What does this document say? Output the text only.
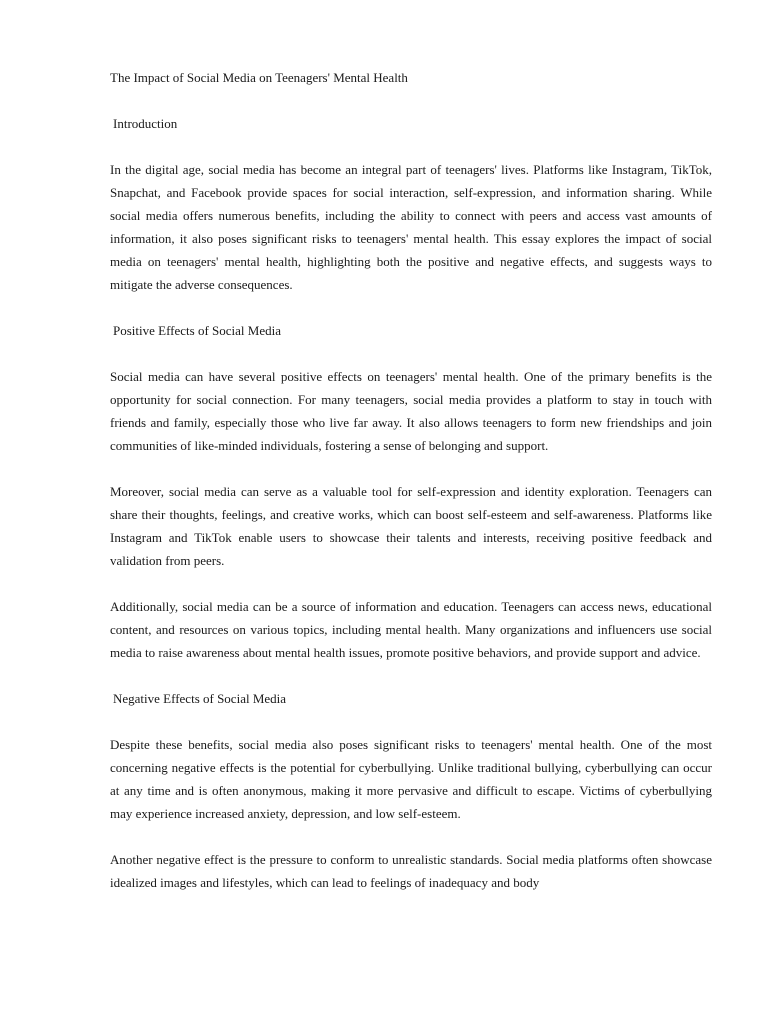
The Impact of Social Media on Teenagers' Mental Health
Introduction

In the digital age, social media has become an integral part of teenagers' lives. Platforms like Instagram, TikTok, Snapchat, and Facebook provide spaces for social interaction, self-expression, and information sharing. While social media offers numerous benefits, including the ability to connect with peers and access vast amounts of information, it also poses significant risks to teenagers' mental health. This essay explores the impact of social media on teenagers' mental health, highlighting both the positive and negative effects, and suggests ways to mitigate the adverse consequences.

Positive Effects of Social Media

Social media can have several positive effects on teenagers' mental health. One of the primary benefits is the opportunity for social connection. For many teenagers, social media provides a platform to stay in touch with friends and family, especially those who live far away. It also allows teenagers to form new friendships and join communities of like-minded individuals, fostering a sense of belonging and support.

Moreover, social media can serve as a valuable tool for self-expression and identity exploration. Teenagers can share their thoughts, feelings, and creative works, which can boost self-esteem and self-awareness. Platforms like Instagram and TikTok enable users to showcase their talents and interests, receiving positive feedback and validation from peers.

Additionally, social media can be a source of information and education. Teenagers can access news, educational content, and resources on various topics, including mental health. Many organizations and influencers use social media to raise awareness about mental health issues, promote positive behaviors, and provide support and advice.

Negative Effects of Social Media

Despite these benefits, social media also poses significant risks to teenagers' mental health. One of the most concerning negative effects is the potential for cyberbullying. Unlike traditional bullying, cyberbullying can occur at any time and is often anonymous, making it more pervasive and difficult to escape. Victims of cyberbullying may experience increased anxiety, depression, and low self-esteem.

Another negative effect is the pressure to conform to unrealistic standards. Social media platforms often showcase idealized images and lifestyles, which can lead to feelings of inadequacy and body
